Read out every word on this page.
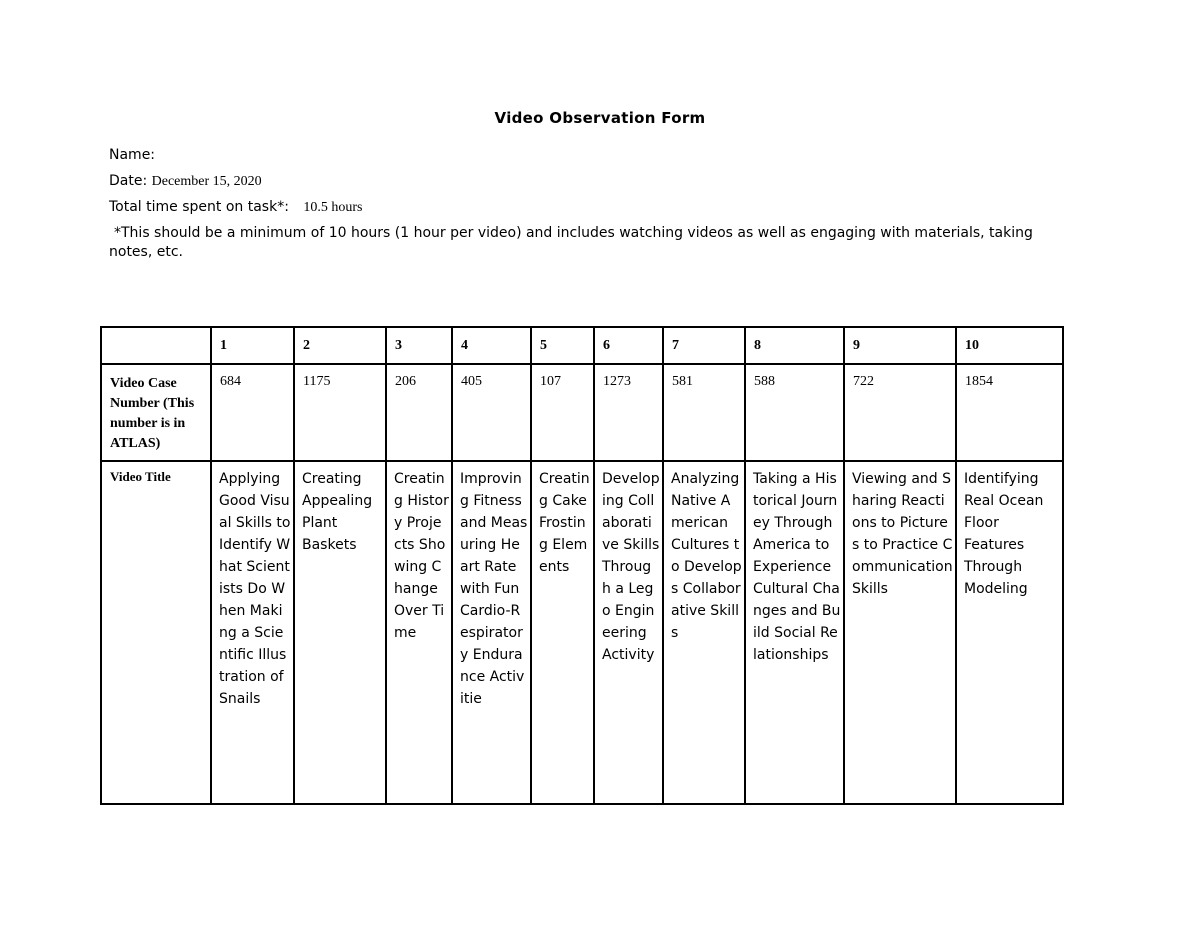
Video Observation Form
Name:
Date: December 15, 2020
Total time spent on task*: 10.5 hours
*This should be a minimum of 10 hours (1 hour per video) and includes watching videos as well as engaging with materials, taking notes, etc.
	1	2	3	4	5	6	7	8	9	10
Video Case Number (This number is in ATLAS)	684	1175	206	405	107	1273	581	588	722	1854
Video Title	Applying Good Visual Skills to Identify What Scientists Do When Making a Scientific Illustration of Snails	Creating Appealing Plant Baskets	Creating History Projects Showing Change Over Time	Improving Fitness and Measuring Heart Rate with Fun Cardio-Respiratory Endurance Activitie	Creating Cake Frosting Elements	Developing Collaborative Skills Through a Lego Engineering Activity	Analyzing Native American Cultures to Develops Collaborative Skills	Taking a Historical Journey Through America to Experience Cultural Changes and Build Social Relationships	Viewing and Sharing Reactions to Pictures to Practice Communication Skills	Identifying Real Ocean Floor Features Through Modeling
